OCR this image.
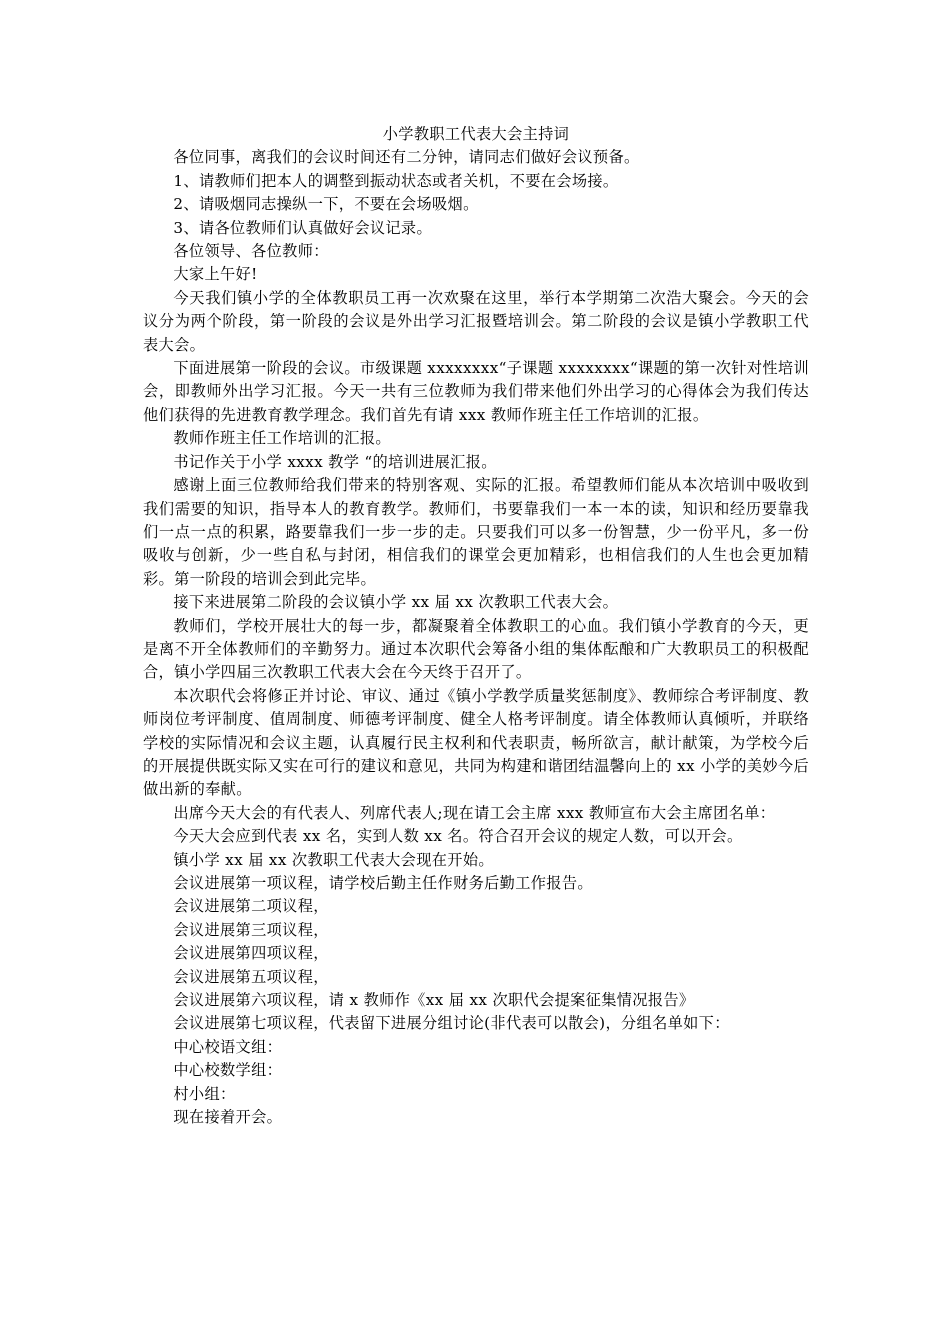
小学教职工代表大会主持词

各位同事，离我们的会议时间还有二分钟，请同志们做好会议预备。

1、请教师们把本人的调整到振动状态或者关机，不要在会场接。

2、请吸烟同志操纵一下，不要在会场吸烟。

3、请各位教师们认真做好会议记录。

各位领导、各位教师：

大家上午好!

今天我们镇小学的全体教职员工再一次欢聚在这里，举行本学期第二次浩大聚会。今天的会议分为两个阶段，第一阶段的会议是外出学习汇报暨培训会。第二阶段的会议是镇小学教职工代表大会。

下面进展第一阶段的会议。市级课题 xxxxxxxx“子课题 xxxxxxxx“课题的第一次针对性培训会，即教师外出学习汇报。今天一共有三位教师为我们带来他们外出学习的心得体会为我们传达他们获得的先进教育教学理念。我们首先有请 xxx 教师作班主任工作培训的汇报。

教师作班主任工作培训的汇报。

书记作关于小学 xxxx 教学 “的培训进展汇报。

感谢上面三位教师给我们带来的特别客观、实际的汇报。希望教师们能从本次培训中吸收到我们需要的知识，指导本人的教育教学。教师们，书要靠我们一本一本的读，知识和经历要靠我们一点一点的积累，路要靠我们一步一步的走。只要我们可以多一份智慧，少一份平凡，多一份吸收与创新，少一些自私与封闭，相信我们的课堂会更加精彩，也相信我们的人生也会更加精彩。第一阶段的培训会到此完毕。

接下来进展第二阶段的会议镇小学 xx 届 xx 次教职工代表大会。

教师们，学校开展壮大的每一步，都凝聚着全体教职工的心血。我们镇小学教育的今天，更是离不开全体教师们的辛勤努力。通过本次职代会筹备小组的集体酝酿和广大教职员工的积极配合，镇小学四届三次教职工代表大会在今天终于召开了。

本次职代会将修正并讨论、审议、通过《镇小学教学质量奖惩制度》、教师综合考评制度、教师岗位考评制度、值周制度、师德考评制度、健全人格考评制度。请全体教师认真倾听，并联络学校的实际情况和会议主题，认真履行民主权利和代表职责，畅所欲言，献计献策，为学校今后的开展提供既实际又实在可行的建议和意见，共同为构建和谐团结温馨向上的 xx 小学的美妙今后做出新的奉献。

出席今天大会的有代表人、列席代表人;现在请工会主席 xxx 教师宣布大会主席团名单：

今天大会应到代表 xx 名，实到人数 xx 名。符合召开会议的规定人数，可以开会。

镇小学 xx 届 xx 次教职工代表大会现在开始。

会议进展第一项议程，请学校后勤主任作财务后勤工作报告。

会议进展第二项议程，

会议进展第三项议程，

会议进展第四项议程，

会议进展第五项议程，

会议进展第六项议程，请 x 教师作《xx 届 xx 次职代会提案征集情况报告》

会议进展第七项议程，代表留下进展分组讨论(非代表可以散会)，分组名单如下：

中心校语文组：

中心校数学组：

村小组：

现在接着开会。
